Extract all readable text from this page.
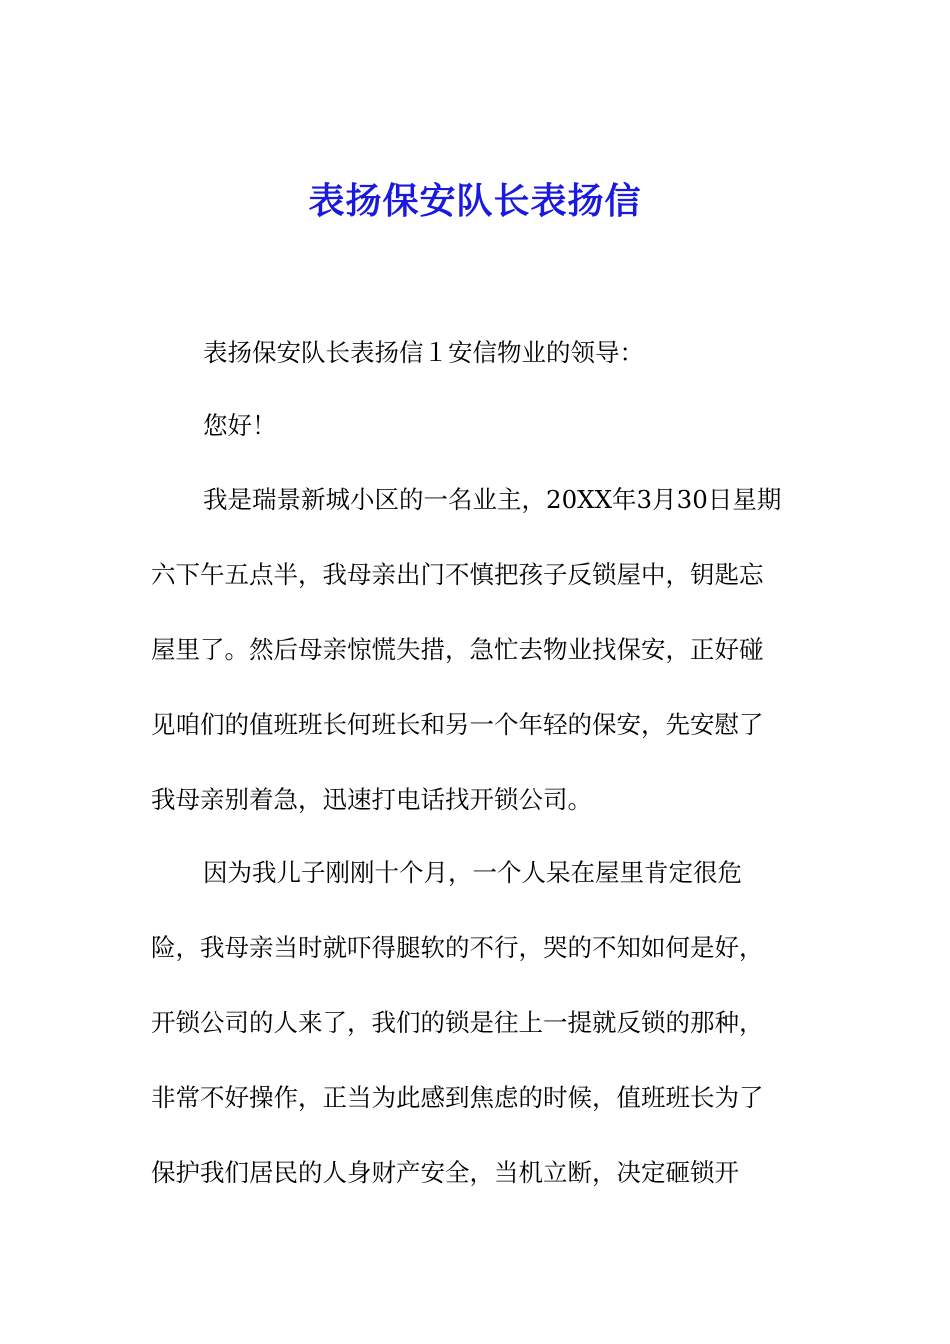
表扬保安队长表扬信

表扬保安队长表扬信１安信物业的领导：

您好！

我是瑞景新城小区的一名业主，20XX年3月30日星期

六下午五点半，我母亲出门不慎把孩子反锁屋中，钥匙忘

屋里了。然后母亲惊慌失措，急忙去物业找保安，正好碰

见咱们的值班班长何班长和另一个年轻的保安，先安慰了

我母亲别着急，迅速打电话找开锁公司。

因为我儿子刚刚十个月，一个人呆在屋里肯定很危

险，我母亲当时就吓得腿软的不行，哭的不知如何是好，

开锁公司的人来了，我们的锁是往上一提就反锁的那种，

非常不好操作，正当为此感到焦虑的时候，值班班长为了

保护我们居民的人身财产安全，当机立断，决定砸锁开
